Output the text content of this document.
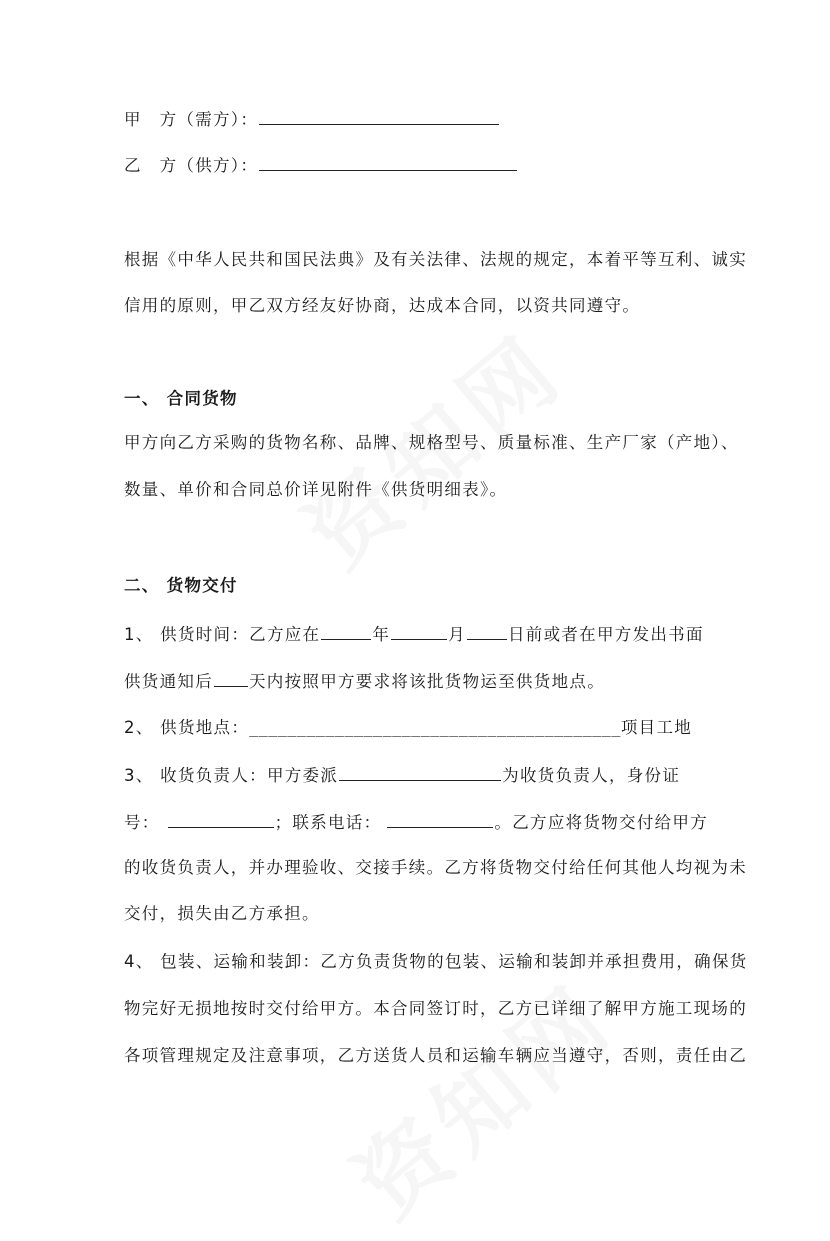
甲　方（需方）：
乙　方（供方）：
根据《中华人民共和国民法典》及有关法律、法规的规定，本着平等互利、诚实
信用的原则，甲乙双方经友好协商，达成本合同，以资共同遵守。
一、 合同货物
甲方向乙方采购的货物名称、品牌、规格型号、质量标准、生产厂家（产地）、
数量、单价和合同总价详见附件《供货明细表》。
二、 货物交付
1、 供货时间：乙方应在	年	月	日前或者在甲方发出书面
供货通知后 天内按照甲方要求将该批货物运至供货地点。
2、 供货地点：_______________________________________项目工地
3、 收货负责人：甲方委派	为收货负责人，身份证
号：	；联系电话：	。乙方应将货物交付给甲方
的收货负责人，并办理验收、交接手续。乙方将货物交付给任何其他人均视为未
交付，损失由乙方承担。
4、 包装、运输和装卸：乙方负责货物的包装、运输和装卸并承担费用，确保货
物完好无损地按时交付给甲方。本合同签订时，乙方已详细了解甲方施工现场的
各项管理规定及注意事项，乙方送货人员和运输车辆应当遵守，否则，责任由乙
